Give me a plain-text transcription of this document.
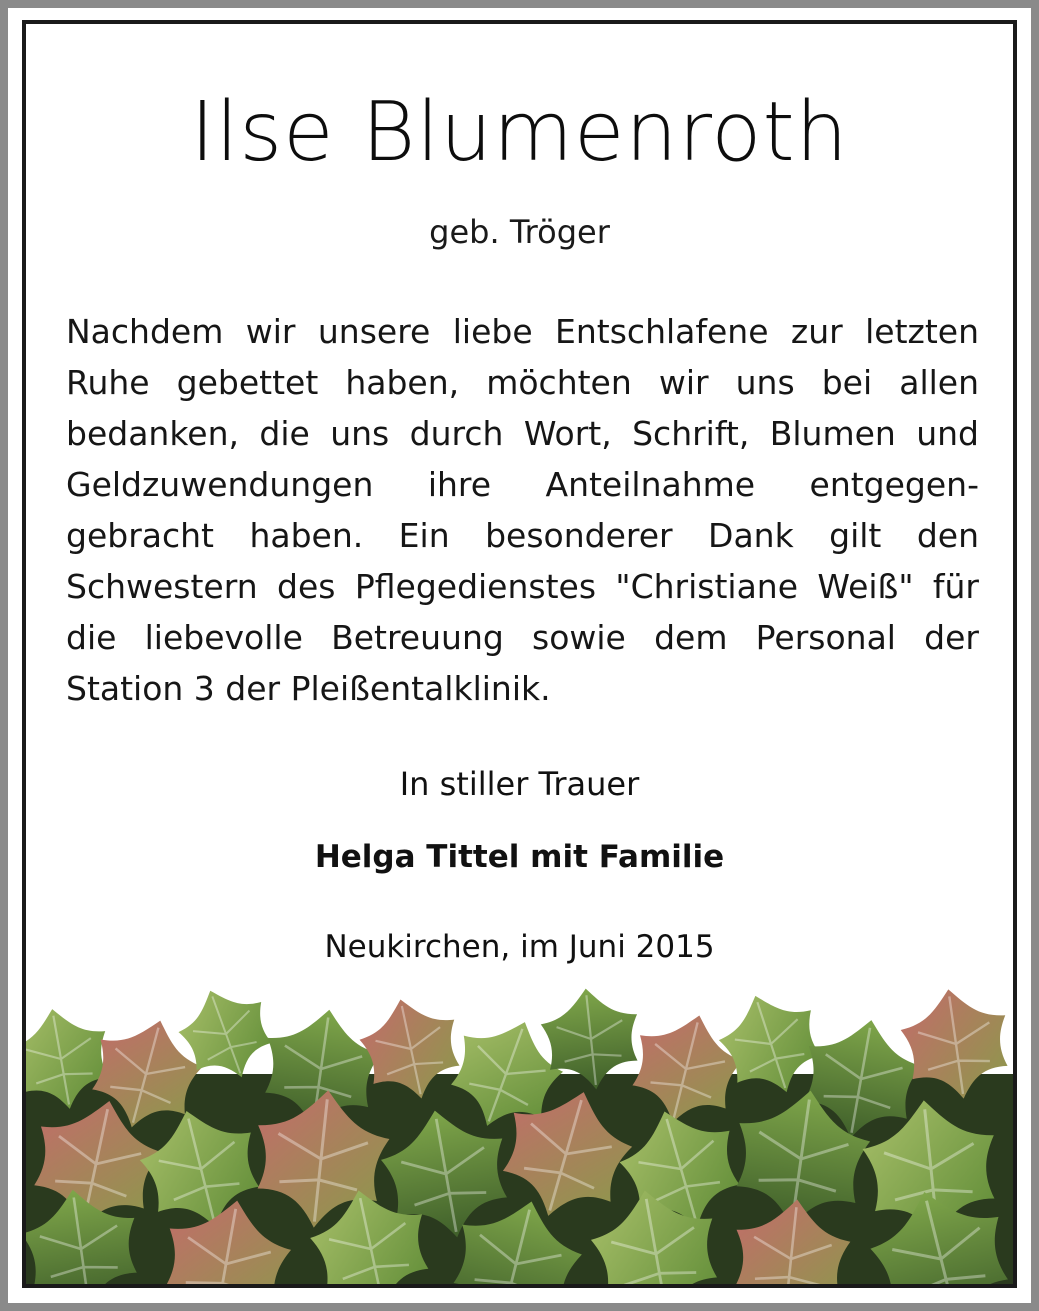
Ilse Blumenroth
geb. Tröger

Nachdem wir unsere liebe Entschlafene zur letzten Ruhe gebettet haben, möchten wir uns bei allen bedanken, die uns durch Wort, Schrift, Blumen und Geldzuwendungen ihre Anteilnahme entgegen-gebracht haben. Ein besonderer Dank gilt den Schwestern des Pflegedienstes "Christiane Weiß" für die liebevolle Betreuung sowie dem Personal der Station 3 der Pleißentalklinik.

In stiller Trauer
Helga Tittel mit Familie
Neukirchen, im Juni 2015
